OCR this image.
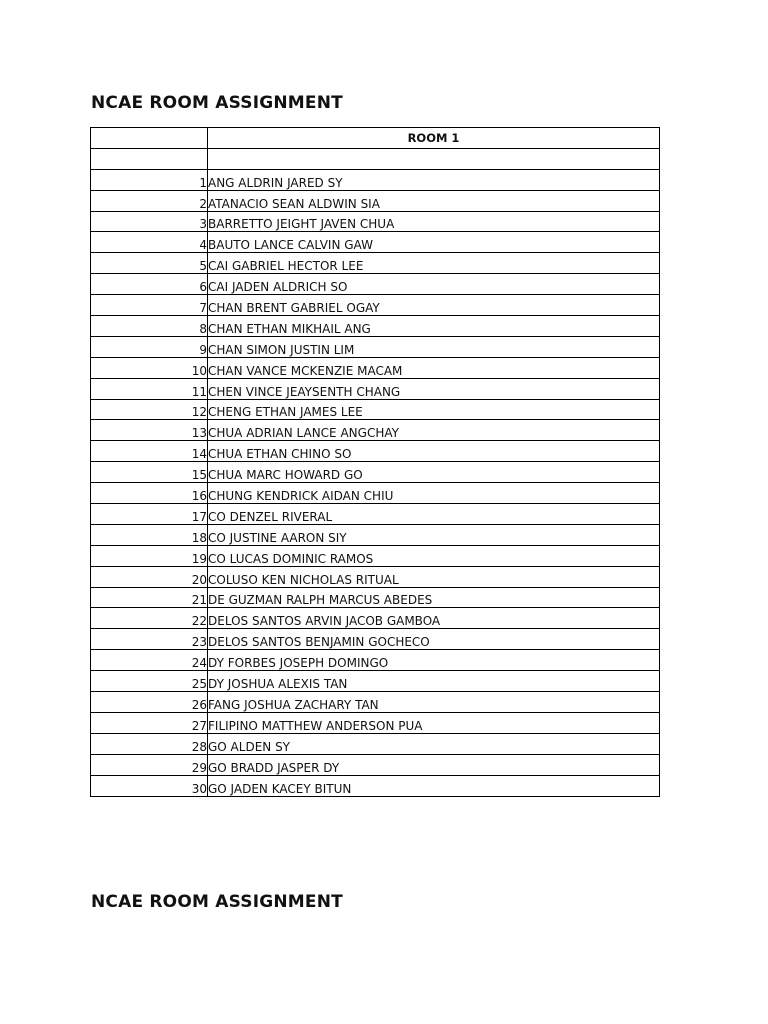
NCAE ROOM ASSIGNMENT
	ROOM 1

1	ANG ALDRIN JARED SY
2	ATANACIO SEAN ALDWIN SIA
3	BARRETTO JEIGHT JAVEN CHUA
4	BAUTO LANCE CALVIN GAW
5	CAI GABRIEL HECTOR LEE
6	CAI JADEN ALDRICH SO
7	CHAN BRENT GABRIEL OGAY
8	CHAN ETHAN MIKHAIL ANG
9	CHAN SIMON JUSTIN LIM
10	CHAN VANCE MCKENZIE MACAM
11	CHEN VINCE JEAYSENTH CHANG
12	CHENG ETHAN JAMES LEE
13	CHUA ADRIAN LANCE ANGCHAY
14	CHUA ETHAN CHINO SO
15	CHUA MARC HOWARD GO
16	CHUNG KENDRICK AIDAN CHIU
17	CO DENZEL RIVERAL
18	CO JUSTINE AARON SIY
19	CO LUCAS DOMINIC RAMOS
20	COLUSO KEN NICHOLAS RITUAL
21	DE GUZMAN RALPH MARCUS ABEDES
22	DELOS SANTOS ARVIN JACOB GAMBOA
23	DELOS SANTOS BENJAMIN GOCHECO
24	DY FORBES JOSEPH DOMINGO
25	DY JOSHUA ALEXIS TAN
26	FANG JOSHUA ZACHARY TAN
27	FILIPINO MATTHEW ANDERSON PUA
28	GO ALDEN SY
29	GO BRADD JASPER DY
30	GO JADEN KACEY BITUN
NCAE ROOM ASSIGNMENT
